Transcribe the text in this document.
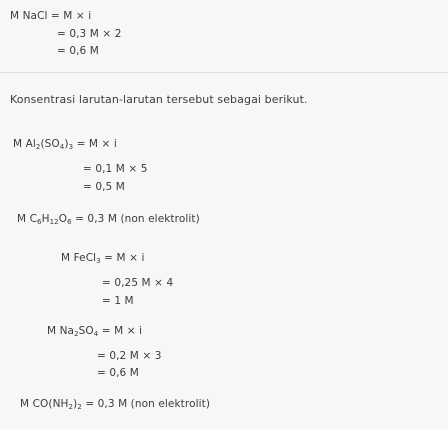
M NaCl = M × i
= 0,3 M × 2
= 0,6 M
Konsentrasi larutan-larutan tersebut sebagai berikut.
M $Al_2(SO_4)_3 = M \times i$
= 0,1 M × 5
= 0,5 M
M $C_6H_{12}O_6 = 0,3$ M (non elektrolit)
M FeCl$_3$ = M × i
= 0,25 M × 4
= 1 M
M $Na_2SO_4 = M \times i$
= 0,2 M × 3
= 0,6 M
M $CO(NH_2)_2 = 0,3$ M (non elektrolit)
